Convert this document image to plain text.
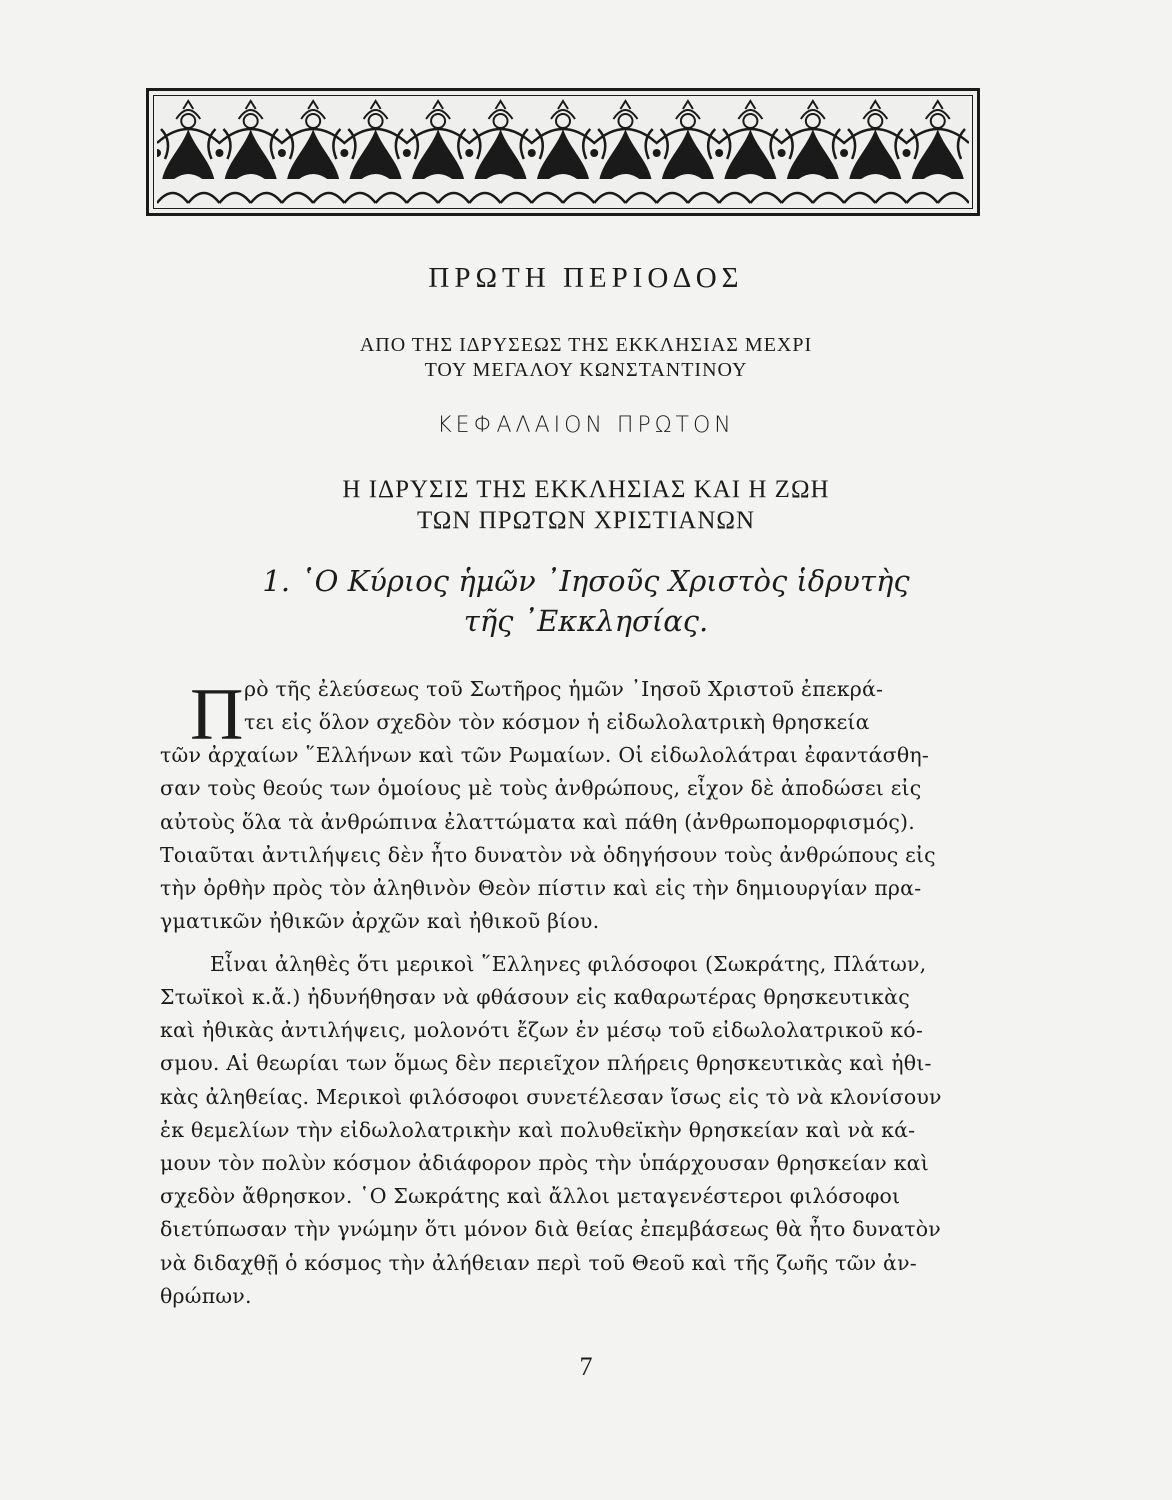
ΠΡΩΤΗ ΠΕΡΙΟΔΟΣ
ΑΠΟ ΤΗΣ ΙΔΡΥΣΕΩΣ ΤΗΣ ΕΚΚΛΗΣΙΑΣ ΜΕΧΡΙ
ΤΟΥ ΜΕΓΑΛΟΥ ΚΩΝΣΤΑΝΤΙΝΟΥ
ΚΕΦΑΛΑΙΟΝ ΠΡΩΤΟΝ
Η ΙΔΡΥΣΙΣ ΤΗΣ ΕΚΚΛΗΣΙΑΣ ΚΑΙ Η ΖΩΗ
ΤΩΝ ΠΡΩΤΩΝ ΧΡΙΣΤΙΑΝΩΝ
1. ῾Ο Κύριος ἡμῶν ᾿Ιησοῦς Χριστὸς ἱδρυτὴς
τῆς ᾿Εκκλησίας.
Π ρὸ τῆς ἐλεύσεως τοῦ Σωτῆρος ἡμῶν ᾿Ιησοῦ Χριστοῦ ἐπεκρά-
τει εἰς ὅλον σχεδὸν τὸν κόσμον ἡ εἰδωλολατρικὴ θρησκεία
τῶν ἀρχαίων ῞Ελλήνων καὶ τῶν Ρωμαίων. Οἱ εἰδωλολάτραι ἐφαντάσθη-
σαν τοὺς θεούς των ὁμοίους μὲ τοὺς ἀνθρώπους, εἶχον δὲ ἀποδώσει εἰς
αὐτοὺς ὅλα τὰ ἀνθρώπινα ἐλαττώματα καὶ πάθη (ἀνθρωπομορφισμός).
Τοιαῦται ἀντιλήψεις δὲν ἦτο δυνατὸν νὰ ὁδηγήσουν τοὺς ἀνθρώπους εἰς
τὴν ὀρθὴν πρὸς τὸν ἀληθινὸν Θεὸν πίστιν καὶ εἰς τὴν δημιουργίαν πρα-
γματικῶν ἠθικῶν ἀρχῶν καὶ ἠθικοῦ βίου.
Εἶναι ἀληθὲς ὅτι μερικοὶ ῞Ελληνες φιλόσοφοι (Σωκράτης, Πλάτων,
Στωϊκοὶ κ.ἄ.) ἠδυνήθησαν νὰ φθάσουν εἰς καθαρωτέρας θρησκευτικὰς
καὶ ἠθικὰς ἀντιλήψεις, μολονότι ἔζων ἐν μέσῳ τοῦ εἰδωλολατρικοῦ κό-
σμου. Αἱ θεωρίαι των ὅμως δὲν περιεῖχον πλήρεις θρησκευτικὰς καὶ ἠθι-
κὰς ἀληθείας. Μερικοὶ φιλόσοφοι συνετέλεσαν ἴσως εἰς τὸ νὰ κλονίσουν
ἐκ θεμελίων τὴν εἰδωλολατρικὴν καὶ πολυθεϊκὴν θρησκείαν καὶ νὰ κά-
μουν τὸν πολὺν κόσμον ἀδιάφορον πρὸς τὴν ὑπάρχουσαν θρησκείαν καὶ
σχεδὸν ἄθρησκον. ῾Ο Σωκράτης καὶ ἄλλοι μεταγενέστεροι φιλόσοφοι
διετύπωσαν τὴν γνώμην ὅτι μόνον διὰ θείας ἐπεμβάσεως θὰ ἦτο δυνατὸν
νὰ διδαχθῇ ὁ κόσμος τὴν ἀλήθειαν περὶ τοῦ Θεοῦ καὶ τῆς ζωῆς τῶν ἀν-
θρώπων.
7
